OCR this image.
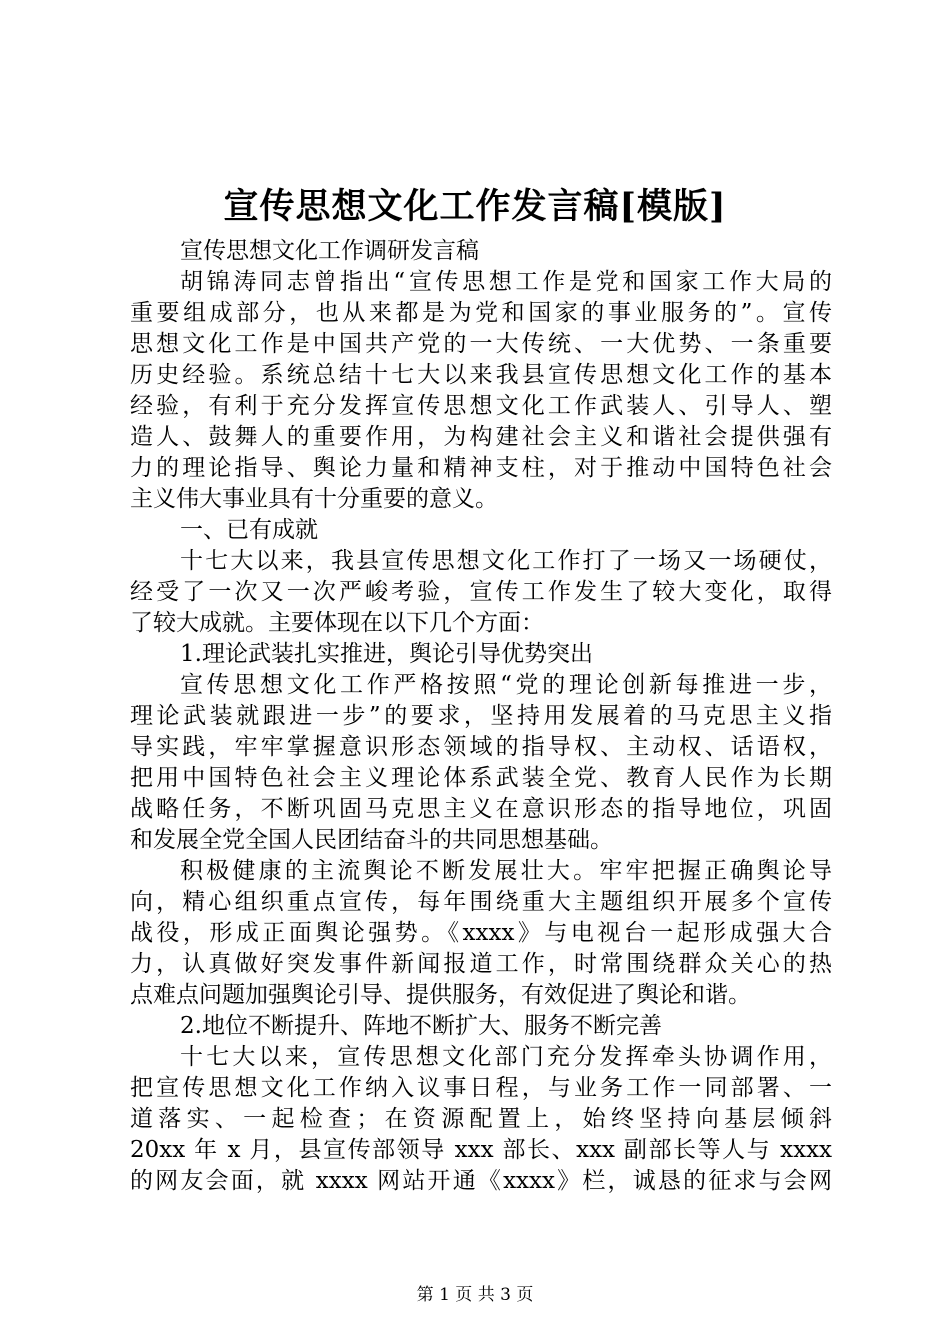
宣传思想文化工作发言稿[模版]
宣传思想文化工作调研发言稿
胡锦涛同志曾指出“宣传思想工作是党和国家工作大局的
重要组成部分，也从来都是为党和国家的事业服务的”。宣传
思想文化工作是中国共产党的一大传统、一大优势、一条重要
历史经验。系统总结十七大以来我县宣传思想文化工作的基本
经验，有利于充分发挥宣传思想文化工作武装人、引导人、塑
造人、鼓舞人的重要作用，为构建社会主义和谐社会提供强有
力的理论指导、舆论力量和精神支柱，对于推动中国特色社会
主义伟大事业具有十分重要的意义。
一、已有成就
十七大以来，我县宣传思想文化工作打了一场又一场硬仗，
经受了一次又一次严峻考验，宣传工作发生了较大变化，取得
了较大成就。主要体现在以下几个方面：
1.理论武装扎实推进，舆论引导优势突出
宣传思想文化工作严格按照“党的理论创新每推进一步，
理论武装就跟进一步”的要求，坚持用发展着的马克思主义指
导实践，牢牢掌握意识形态领域的指导权、主动权、话语权，
把用中国特色社会主义理论体系武装全党、教育人民作为长期
战略任务，不断巩固马克思主义在意识形态的指导地位，巩固
和发展全党全国人民团结奋斗的共同思想基础。
积极健康的主流舆论不断发展壮大。牢牢把握正确舆论导
向，精心组织重点宣传，每年围绕重大主题组织开展多个宣传
战役，形成正面舆论强势。《xxxx》与电视台一起形成强大合
力，认真做好突发事件新闻报道工作，时常围绕群众关心的热
点难点问题加强舆论引导、提供服务，有效促进了舆论和谐。
2.地位不断提升、阵地不断扩大、服务不断完善
十七大以来，宣传思想文化部门充分发挥牵头协调作用，
把宣传思想文化工作纳入议事日程，与业务工作一同部署、一
道落实、一起检查；在资源配置上，始终坚持向基层倾斜
20xx 年 x 月，县宣传部领导 xxx 部长、xxx 副部长等人与 xxxx
的网友会面，就 xxxx 网站开通《xxxx》栏，诚恳的征求与会网
第 1 页 共 3 页
